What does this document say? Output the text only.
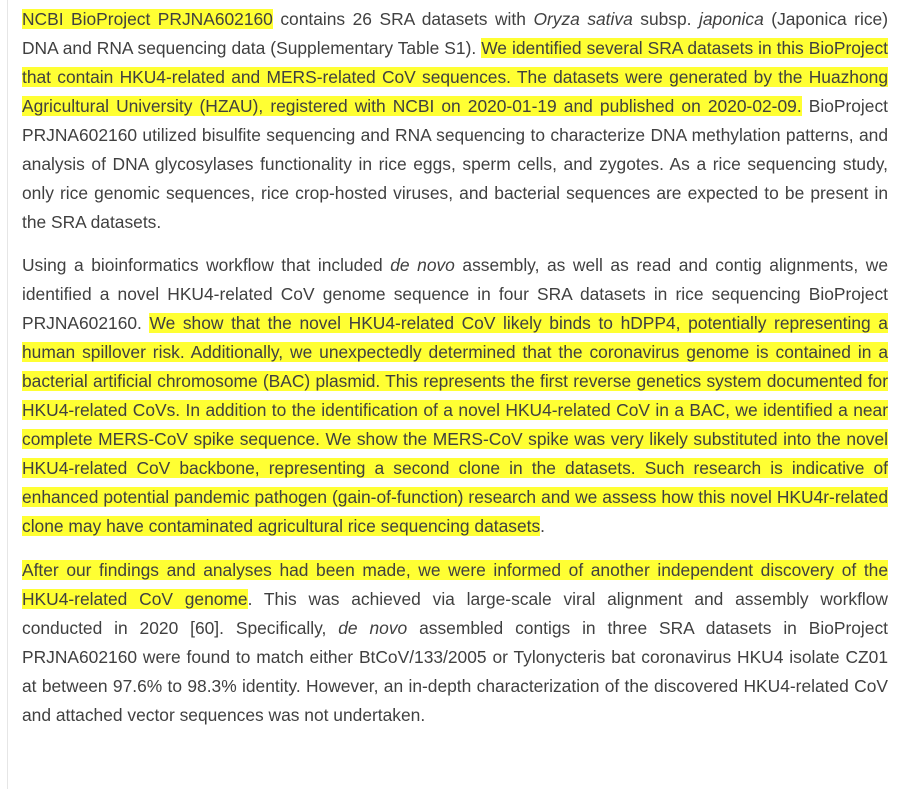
NCBI BioProject PRJNA602160 contains 26 SRA datasets with Oryza sativa subsp. japonica (Japonica rice) DNA and RNA sequencing data (Supplementary Table S1). We identified several SRA datasets in this BioProject that contain HKU4-related and MERS-related CoV sequences. The datasets were generated by the Huazhong Agricultural University (HZAU), registered with NCBI on 2020-01-19 and published on 2020-02-09. BioProject PRJNA602160 utilized bisulfite sequencing and RNA sequencing to characterize DNA methylation patterns, and analysis of DNA glycosylases functionality in rice eggs, sperm cells, and zygotes. As a rice sequencing study, only rice genomic sequences, rice crop-hosted viruses, and bacterial sequences are expected to be present in the SRA datasets.

Using a bioinformatics workflow that included de novo assembly, as well as read and contig alignments, we identified a novel HKU4-related CoV genome sequence in four SRA datasets in rice sequencing BioProject PRJNA602160. We show that the novel HKU4-related CoV likely binds to hDPP4, potentially representing a human spillover risk. Additionally, we unexpectedly determined that the coronavirus genome is contained in a bacterial artificial chromosome (BAC) plasmid. This represents the first reverse genetics system documented for HKU4-related CoVs. In addition to the identification of a novel HKU4-related CoV in a BAC, we identified a near complete MERS-CoV spike sequence. We show the MERS-CoV spike was very likely substituted into the novel HKU4-related CoV backbone, representing a second clone in the datasets. Such research is indicative of enhanced potential pandemic pathogen (gain-of-function) research and we assess how this novel HKU4r-related clone may have contaminated agricultural rice sequencing datasets.

After our findings and analyses had been made, we were informed of another independent discovery of the HKU4-related CoV genome. This was achieved via large-scale viral alignment and assembly workflow conducted in 2020 [60]. Specifically, de novo assembled contigs in three SRA datasets in BioProject PRJNA602160 were found to match either BtCoV/133/2005 or Tylonycteris bat coronavirus HKU4 isolate CZ01 at between 97.6% to 98.3% identity. However, an in-depth characterization of the discovered HKU4-related CoV and attached vector sequences was not undertaken.
